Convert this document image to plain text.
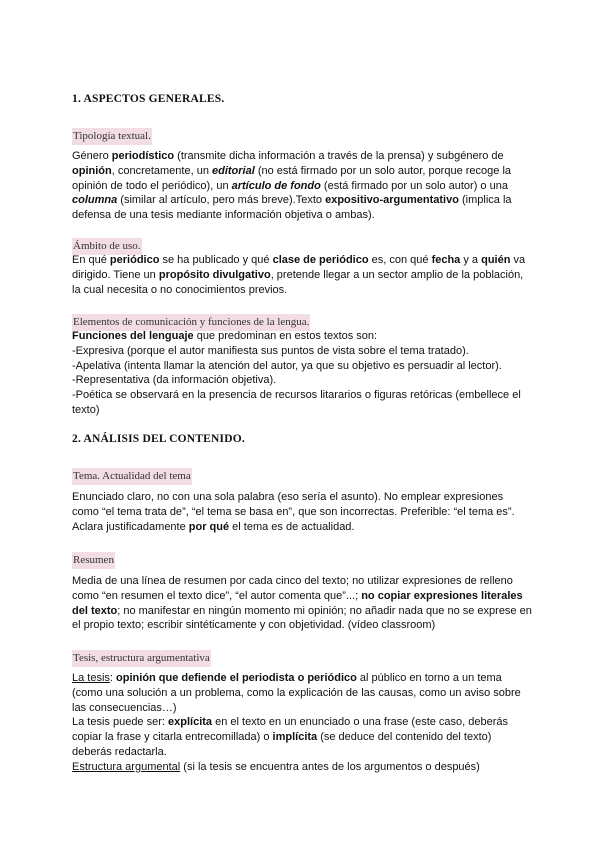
1. ASPECTOS GENERALES.
Tipología textual.

Género periodístico (transmite dicha información a través de la prensa) y subgénero de opinión, concretamente, un editorial (no está firmado por un solo autor, porque recoge la opinión de todo el periódico), un artículo de fondo (está firmado por un solo autor) o una columna (similar al artículo, pero más breve).Texto expositivo-argumentativo (implica la defensa de una tesis mediante información objetiva o ambas).

Ámbito de uso.

En qué periódico se ha publicado y qué clase de periódico es, con qué fecha y a quién va dirigido. Tiene un propósito divulgativo, pretende llegar a un sector amplio de la población, la cual necesita o no conocimientos previos.

Elementos de comunicación y funciones de la lengua.

Funciones del lenguaje que predominan en estos textos son:

-Expresiva (porque el autor manifiesta sus puntos de vista sobre el tema tratado).

-Apelativa (intenta llamar la atención del autor, ya que su objetivo es persuadir al lector).

-Representativa (da información objetiva).

-Poética se observará en la presencia de recursos litararios o figuras retóricas (embellece el texto)

2. ANÁLISIS DEL CONTENIDO.
Tema. Actualidad del tema

Enunciado claro, no con una sola palabra (eso sería el asunto). No emplear expresiones como “el tema trata de”, “el tema se basa en”, que son incorrectas. Preferible: “el tema es”. Aclara justificadamente por qué el tema es de actualidad.

Resumen

Media de una línea de resumen por cada cinco del texto; no utilizar expresiones de relleno como “en resumen el texto dice”, “el autor comenta que”...; no copiar expresiones literales del texto; no manifestar en ningún momento mi opinión; no añadir nada que no se exprese en el propio texto; escribir sintéticamente y con objetividad. (vídeo classroom)

Tesis, estructura argumentativa

La tesis: opinión que defiende el periodista o periódico al público en torno a un tema (como una solución a un problema, como la explicación de las causas, como un aviso sobre las consecuencias…)

La tesis puede ser: explícita en el texto en un enunciado o una frase (este caso, deberás copiar la frase y citarla entrecomillada) o implícita (se deduce del contenido del texto) deberás redactarla.

Estructura argumental (si la tesis se encuentra antes de los argumentos o después)
